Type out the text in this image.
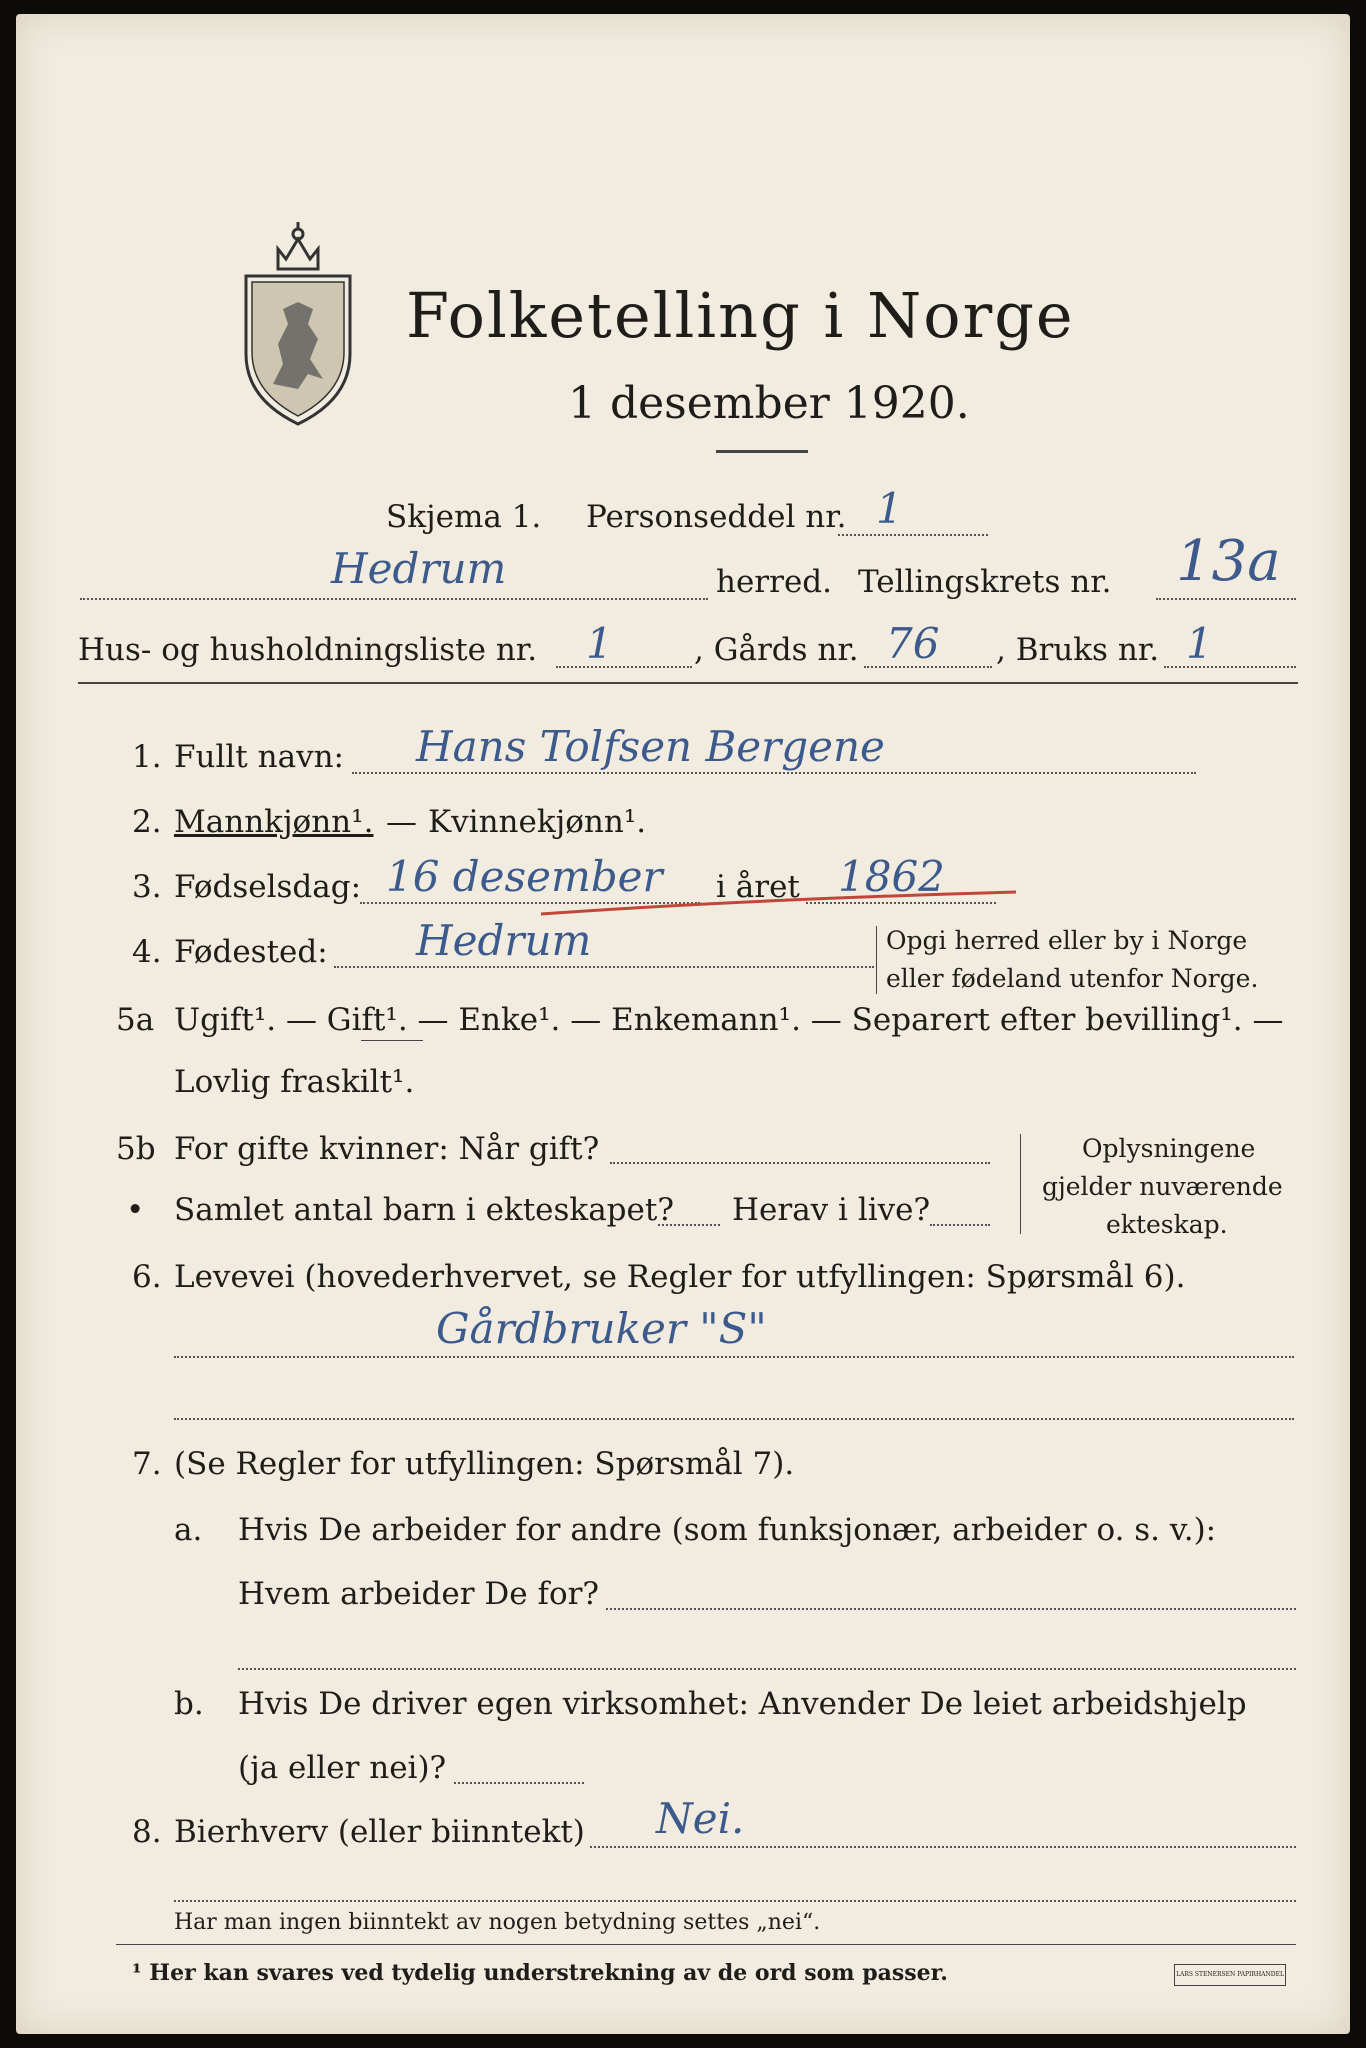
Folketelling i Norge
1 desember 1920.
Skjema 1. Personseddel nr. 1
Hedrum	herred. Tellingskrets nr. 13a
Hus- og husholdningsliste nr. 1	, Gårds nr. 76 , Bruks nr. 1
1. Fullt navn: Hans Tolfsen Bergene
2. Mannkjønn¹. — Kvinnekjønn¹.
3. Fødselsdag: 16 desember i året 1862
4. Fødested: Hedrum	Opgi herred eller by i Norge
eller fødeland utenfor Norge.
5a Ugift¹. — Gift¹. — Enke¹. — Enkemann¹. — Separert efter bevilling¹. —
Lovlig fraskilt¹.
5b For gifte kvinner: Når gift?
• Samlet antal barn i ekteskapet? Herav i live?
Oplysningene
gjelder nuværende
ekteskap.
6. Levevei (hovederhvervet, se Regler for utfyllingen: Spørsmål 6).
Gårdbruker "S"
7. (Se Regler for utfyllingen: Spørsmål 7).
a. Hvis De arbeider for andre (som funksjonær, arbeider o. s. v.):
Hvem arbeider De for?
b. Hvis De driver egen virksomhet: Anvender De leiet arbeidshjelp
(ja eller nei)?
8. Bierhverv (eller biinntekt) Nei.
Har man ingen biinntekt av nogen betydning settes „nei“.
¹ Her kan svares ved tydelig understrekning av de ord som passer.	LARS STENERSEN PAPIRHANDEL
